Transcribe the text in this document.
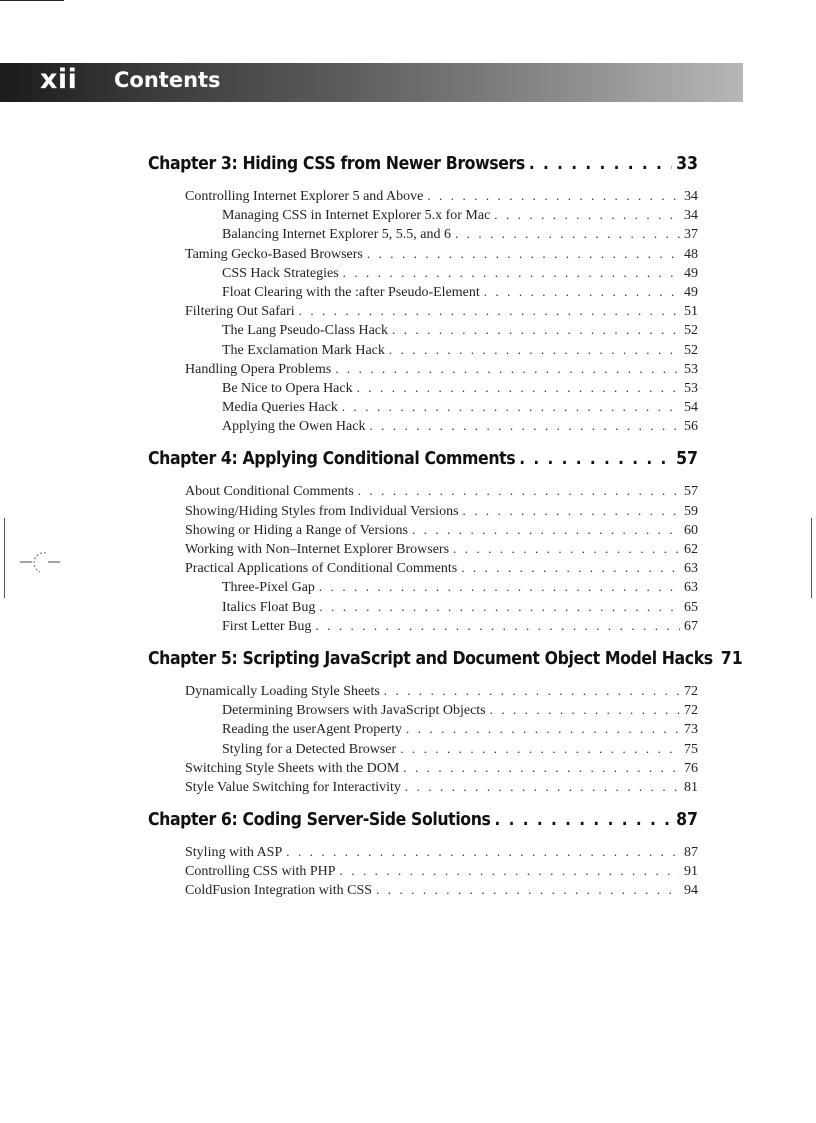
xii Contents
Chapter 3: Hiding CSS from Newer Browsers . . .	33
Controlling Internet Explorer 5 and Above . . .	34
Managing CSS in Internet Explorer 5.x for Mac . . .	34
Balancing Internet Explorer 5, 5.5, and 6 . . .	37
Taming Gecko-Based Browsers . . .	48
CSS Hack Strategies . . .	49
Float Clearing with the :after Pseudo-Element . . .	49
Filtering Out Safari . . .	51
The Lang Pseudo-Class Hack . . .	52
The Exclamation Mark Hack . . .	52
Handling Opera Problems . . .	53
Be Nice to Opera Hack . . .	53
Media Queries Hack . . .	54
Applying the Owen Hack . . .	56
Chapter 4: Applying Conditional Comments . . .	57
About Conditional Comments . . .	57
Showing/Hiding Styles from Individual Versions . . .	59
Showing or Hiding a Range of Versions . . .	60
Working with Non–Internet Explorer Browsers . . .	62
Practical Applications of Conditional Comments . . .	63
Three-Pixel Gap . . .	63
Italics Float Bug . . .	65
First Letter Bug . . .	67
Chapter 5: Scripting JavaScript and Document Object Model Hacks 71
Dynamically Loading Style Sheets . . .	72
Determining Browsers with JavaScript Objects . . .	72
Reading the userAgent Property . . .	73
Styling for a Detected Browser . . .	75
Switching Style Sheets with the DOM . . .	76
Style Value Switching for Interactivity . . .	81
Chapter 6: Coding Server-Side Solutions . . .	87
Styling with ASP . . .	87
Controlling CSS with PHP . . .	91
ColdFusion Integration with CSS . . .	94
